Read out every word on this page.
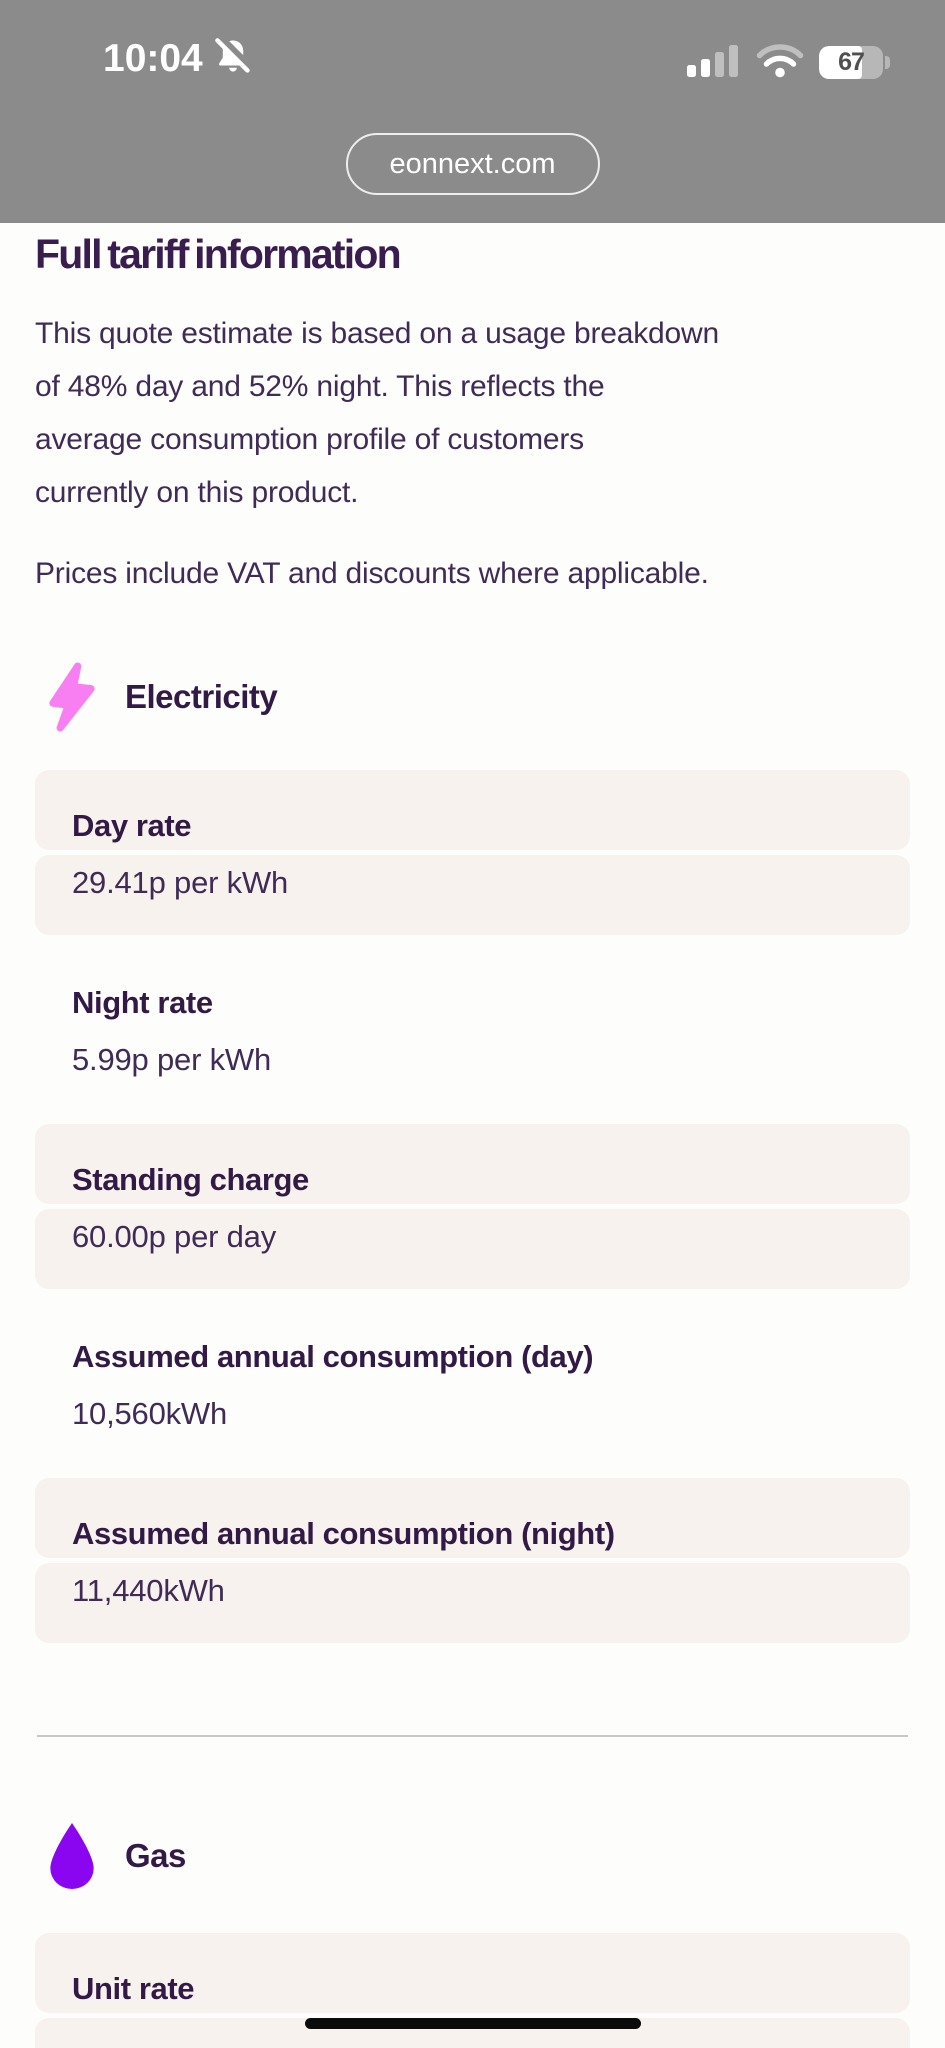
10:04	67
eonnext.com
Full tariff information
This quote estimate is based on a usage breakdown
of 48% day and 52% night. This reflects the
average consumption profile of customers
currently on this product.
Prices include VAT and discounts where applicable.
Electricity
Day rate
29.41p per kWh
Night rate
5.99p per kWh
Standing charge
60.00p per day
Assumed annual consumption (day)
10,560kWh
Assumed annual consumption (night)
11,440kWh
Gas
Unit rate
